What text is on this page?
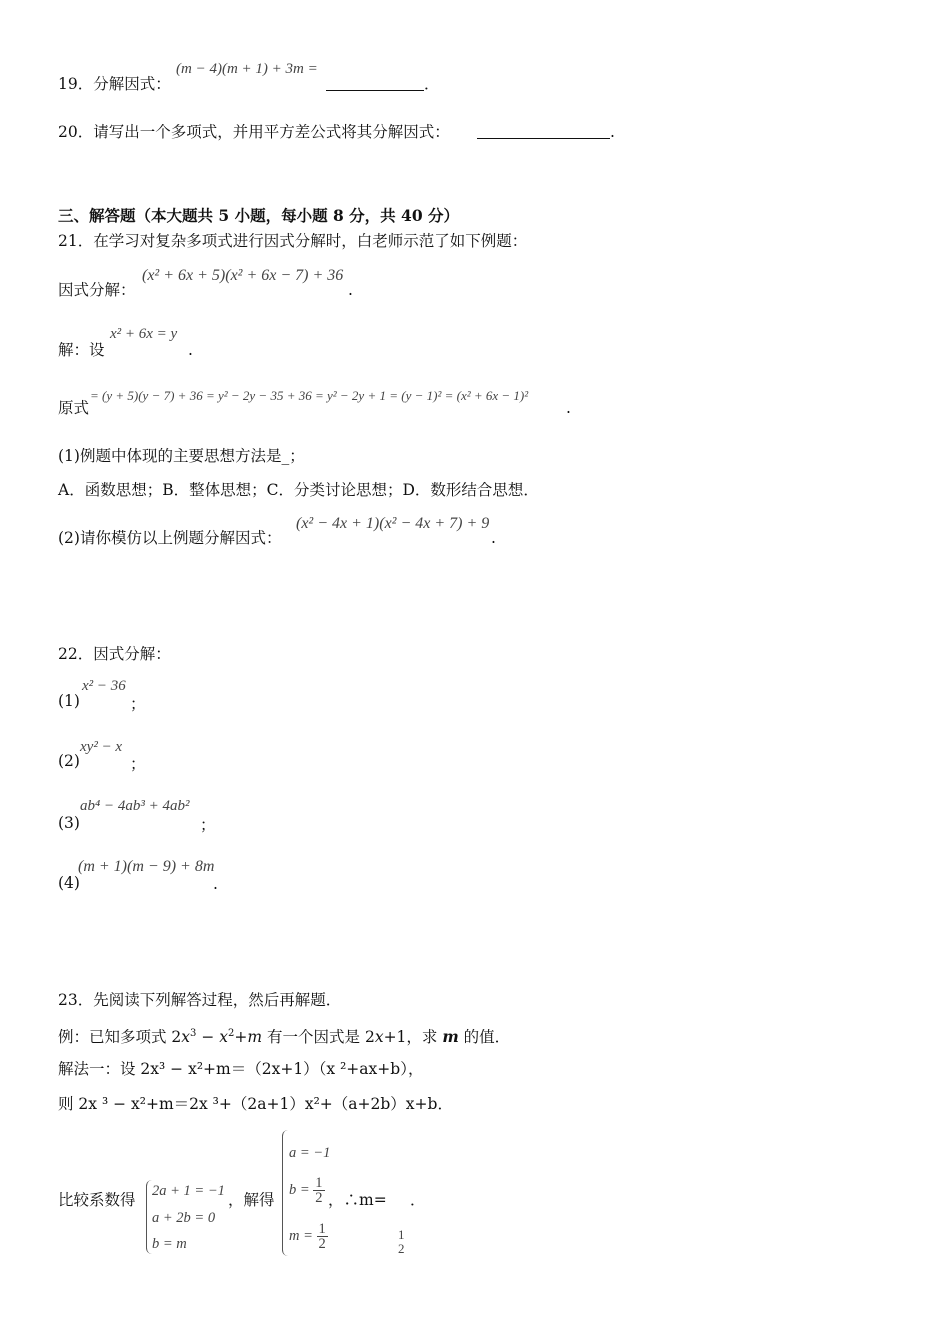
19．分解因式：
(m − 4)(m + 1) + 3m =
．
20．请写出一个多项式，并用平方差公式将其分解因式：	.
三、解答题（本大题共 5 小题，每小题 8 分，共 40 分）
21．在学习对复杂多项式进行因式分解时，白老师示范了如下例题：
因式分解：
(x² + 6x + 5)(x² + 6x − 7) + 36
.
解：设
x² + 6x = y
.
原式
= (y + 5)(y − 7) + 36 = y² − 2y − 35 + 36 = y² − 2y + 1 = (y − 1)² = (x² + 6x − 1)²
.
(1)例题中体现的主要思想方法是_；
A．函数思想；B．整体思想；C．分类讨论思想；D．数形结合思想．
(2)请你模仿以上例题分解因式：
(x² − 4x + 1)(x² − 4x + 7) + 9
.
22．因式分解：
(1)
x² − 36
；
(2)
xy² − x
；
(3)
ab⁴ − 4ab³ + 4ab²
；
(4)
(m + 1)(m − 9) + 8m
.
23．先阅读下列解答过程，然后再解题．
例：已知多项式 $2x^3 - x^2+m$ 有一个因式是 2x+1，求 m 的值．
解法一：设 2x³ − x²+m＝（2x+1）（x ²+ax+b），
则 2x ³ − x²+m＝2x ³+（2a+1）x²+（a+2b）x+b．
比较系数得 2a + 1 = −1
a + 2b = 0
b = m
，解得
a = −1
$b = \frac{1}{2}$
$m = \frac{1}{2}$
，∴m= ．
1
2
